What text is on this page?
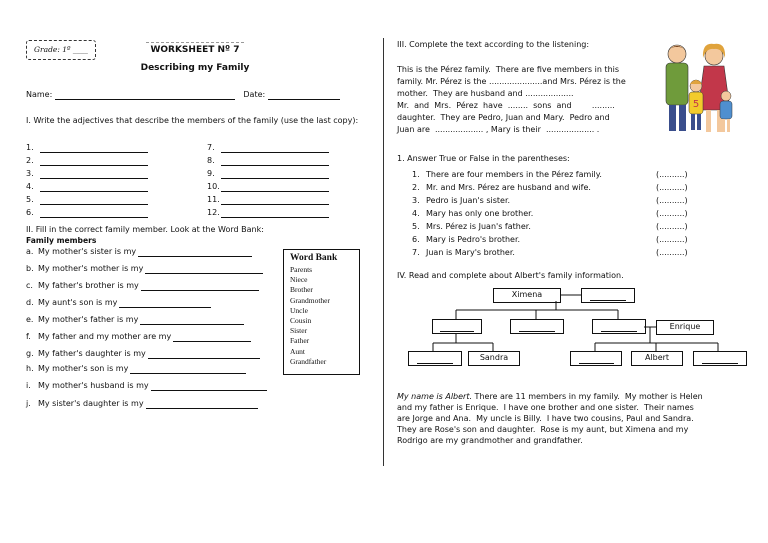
Grade: 1º ____	WORKSHEET Nº 7
Describing my Family
Name:	Date:
I. Write the adjectives that describe the members of the family (use the last copy):
1.
2.
3.
4.
5.
6.
7.
8.
9.
10.
11.
12.
II. Fill in the correct family member. Look at the Word Bank:
Family members
a. My mother's sister is my
b. My mother's mother is my
c. My father's brother is my
d. My aunt's son is my
e. My mother's father is my
f. My father and my mother are my
g. My father's daughter is my
h. My mother's son is my
i. My mother's husband is my
j. My sister's daughter is my
Word Bank
Parents
Niece
Brother
Grandmother
Uncle
Cousin
Sister
Father
Aunt
Grandfather
III. Complete the text according to the listening:
This is the Pérez family.  There are five members in this
family. Mr. Pérez is the .....................and Mrs. Pérez is the
mother.  They are husband and ...................
Mr.  and  Mrs.  Pérez  have  ........  sons  and        .........
daughter.  They are Pedro, Juan and Mary.  Pedro and
Juan are  ................... , Mary is their  ................... .
5
1. Answer True or False in the parentheses:
1. There are four members in the Pérez family.	(..........)
2. Mr. and Mrs. Pérez are husband and wife.	(..........)
3. Pedro is Juan's sister.	(..........)
4. Mary has only one brother.	(..........)
5. Mrs. Pérez is Juan's father.	(..........)
6. Mary is Pedro's brother.	(..........)
7. Juan is Mary's brother.	(..........)
IV. Read and complete about Albert's family information.
Ximena
Enrique
Sandra	Albert
My name is Albert. There are 11 members in my family.  My mother is Helen
and my father is Enrique.  I have one brother and one sister.  Their names
are Jorge and Ana.  My uncle is Billy.  I have two cousins, Paul and Sandra.
They are Rose's son and daughter.  Rose is my aunt, but Ximena and my
Rodrigo are my grandmother and grandfather.
